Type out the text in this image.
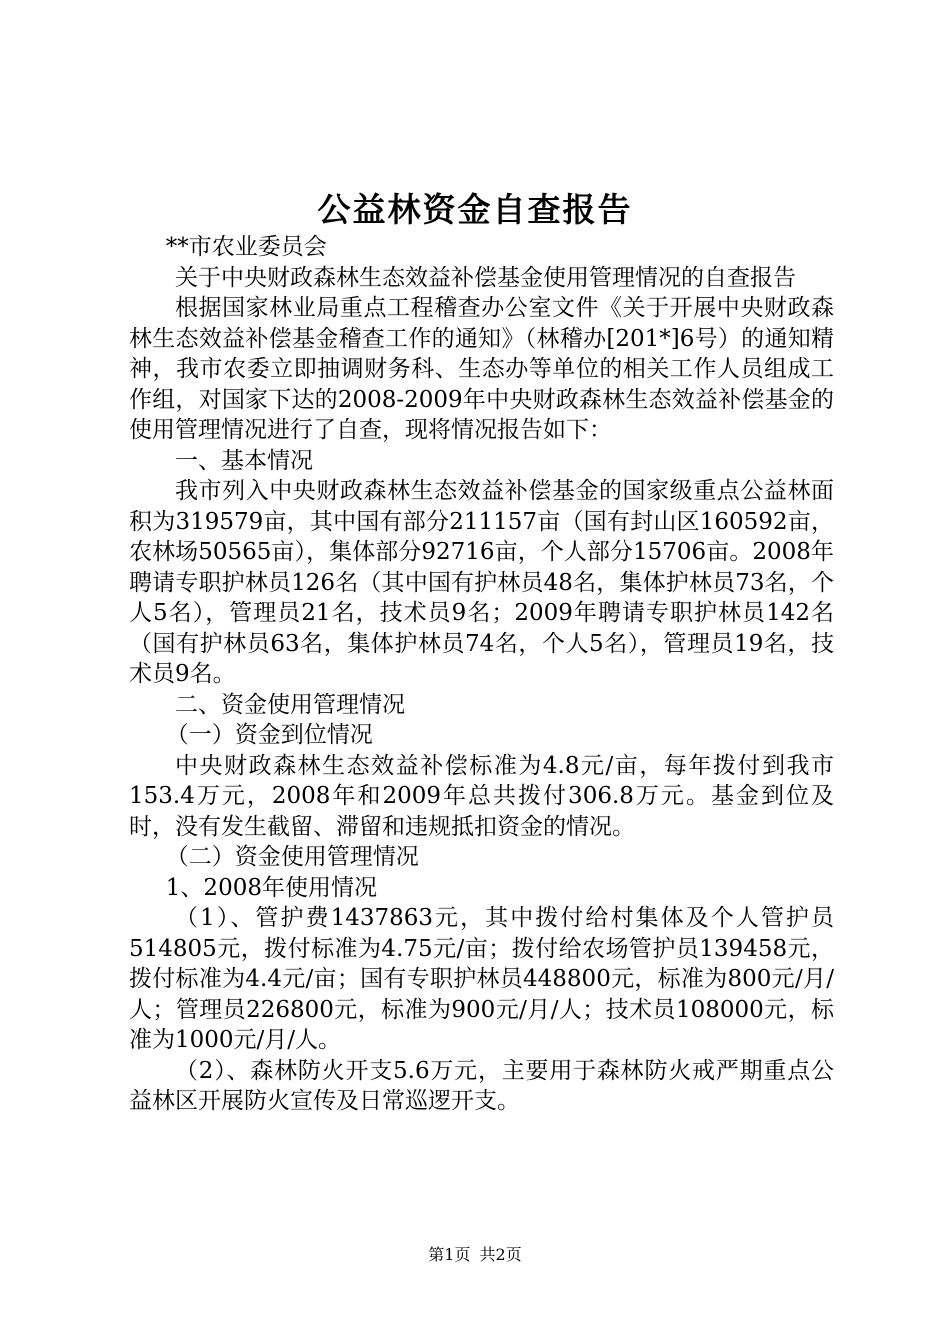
公益林资金自查报告

**市农业委员会

关于中央财政森林生态效益补偿基金使用管理情况的自查报告

根据国家林业局重点工程稽查办公室文件《关于开展中央财政森林生态效益补偿基金稽查工作的通知》（林稽办[201*]6号）的通知精神，我市农委立即抽调财务科、生态办等单位的相关工作人员组成工作组，对国家下达的2008-2009年中央财政森林生态效益补偿基金的使用管理情况进行了自查，现将情况报告如下：

一、基本情况

我市列入中央财政森林生态效益补偿基金的国家级重点公益林面积为319579亩，其中国有部分211157亩（国有封山区160592亩，农林场50565亩），集体部分92716亩，个人部分15706亩。2008年聘请专职护林员126名（其中国有护林员48名，集体护林员73名，个人5名），管理员21名，技术员9名；2009年聘请专职护林员142名（国有护林员63名，集体护林员74名，个人5名），管理员19名，技术员9名。

二、资金使用管理情况

（一）资金到位情况

中央财政森林生态效益补偿标准为4.8元/亩，每年拨付到我市153.4万元，2008年和2009年总共拨付306.8万元。基金到位及时，没有发生截留、滞留和违规抵扣资金的情况。

（二）资金使用管理情况

1、2008年使用情况

（1）、管护费1437863元，其中拨付给村集体及个人管护员514805元，拨付标准为4.75元/亩；拨付给农场管护员139458元，拨付标准为4.4元/亩；国有专职护林员448800元，标准为800元/月/人；管理员226800元，标准为900元/月/人；技术员108000元，标准为1000元/月/人。

（2）、森林防火开支5.6万元，主要用于森林防火戒严期重点公益林区开展防火宣传及日常巡逻开支。

第1页 共2页
